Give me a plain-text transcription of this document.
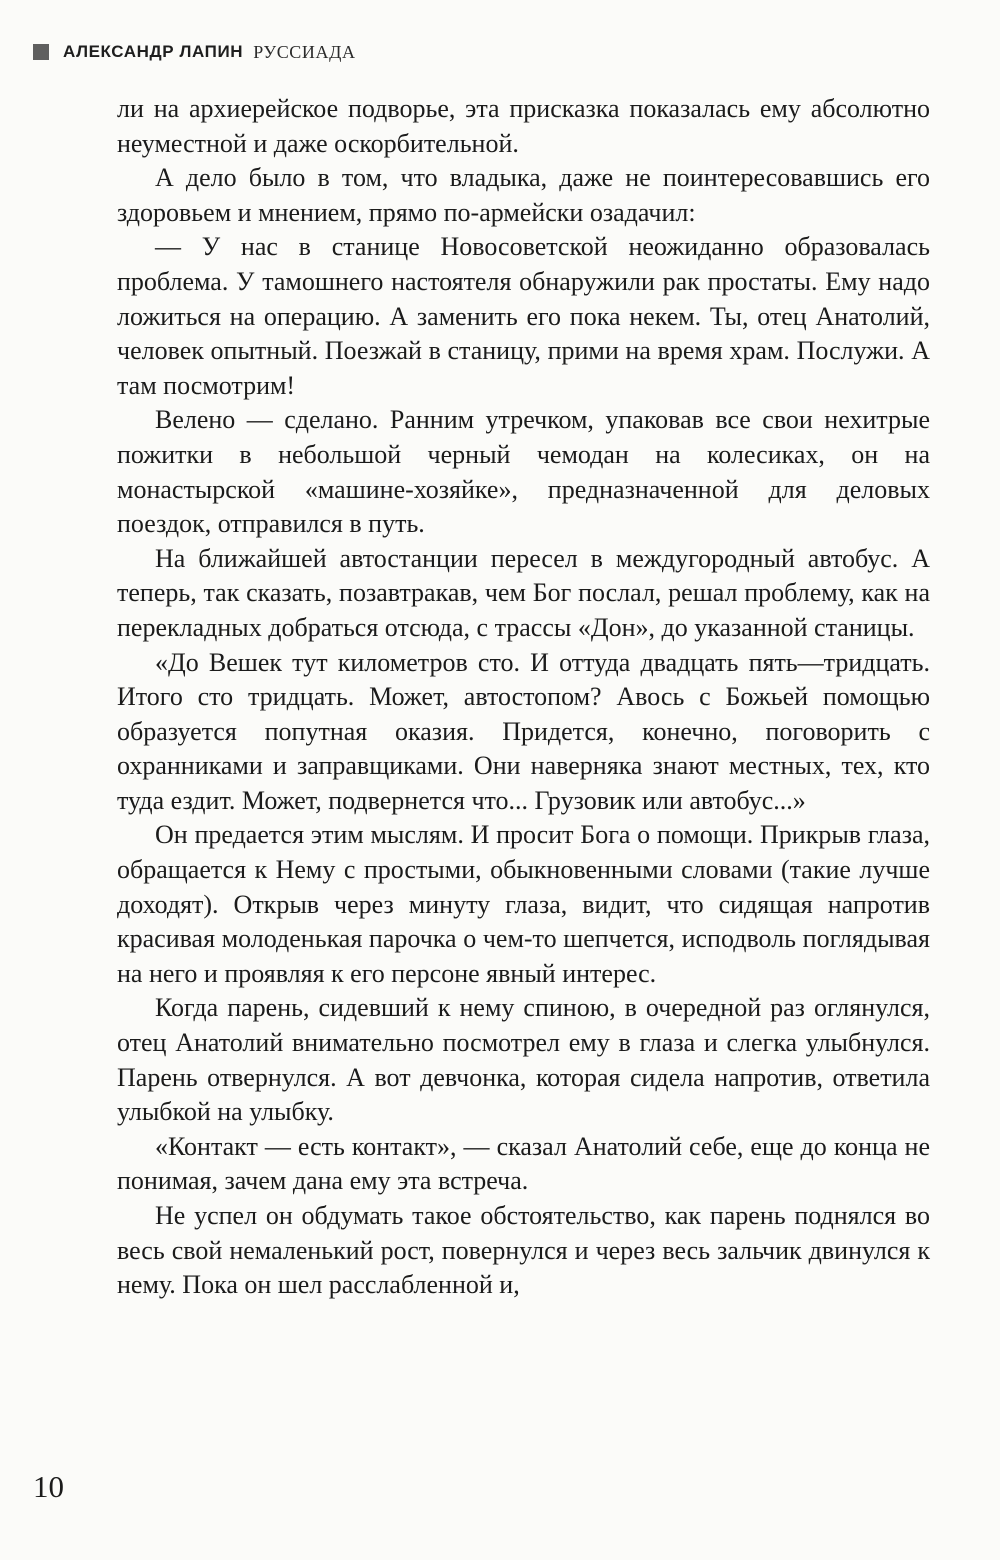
АЛЕКСАНДР ЛАПИН РУССИАДА

ли на архиерейское подворье, эта присказка показалась ему абсолютно неуместной и даже оскорбительной.

А дело было в том, что владыка, даже не поинтересовавшись его здоровьем и мнением, прямо по-армейски озадачил:

— У нас в станице Новосоветской неожиданно образовалась проблема. У тамошнего настоятеля обнаружили рак простаты. Ему надо ложиться на операцию. А заменить его пока некем. Ты, отец Анатолий, человек опытный. Поезжай в станицу, прими на время храм. Послужи. А там посмотрим!

Велено — сделано. Ранним утречком, упаковав все свои нехитрые пожитки в небольшой черный чемодан на колесиках, он на монастырской «машине-хозяйке», предназначенной для деловых поездок, отправился в путь.

На ближайшей автостанции пересел в междугородный автобус. А теперь, так сказать, позавтракав, чем Бог послал, решал проблему, как на перекладных добраться отсюда, с трассы «Дон», до указанной станицы.

«До Вешек тут километров сто. И оттуда двадцать пять—тридцать. Итого сто тридцать. Может, автостопом? Авось с Божьей помощью образуется попутная оказия. Придется, конечно, поговорить с охранниками и заправщиками. Они наверняка знают местных, тех, кто туда ездит. Может, подвернется что... Грузовик или автобус...»

Он предается этим мыслям. И просит Бога о помощи. Прикрыв глаза, обращается к Нему с простыми, обыкновенными словами (такие лучше доходят). Открыв через минуту глаза, видит, что сидящая напротив красивая молоденькая парочка о чем-то шепчется, исподволь поглядывая на него и проявляя к его персоне явный интерес.

Когда парень, сидевший к нему спиною, в очередной раз оглянулся, отец Анатолий внимательно посмотрел ему в глаза и слегка улыбнулся. Парень отвернулся. А вот девчонка, которая сидела напротив, ответила улыбкой на улыбку.

«Контакт — есть контакт», — сказал Анатолий себе, еще до конца не понимая, зачем дана ему эта встреча.

Не успел он обдумать такое обстоятельство, как парень поднялся во весь свой немаленький рост, повернулся и через весь зальчик двинулся к нему. Пока он шел расслабленной и,

10
